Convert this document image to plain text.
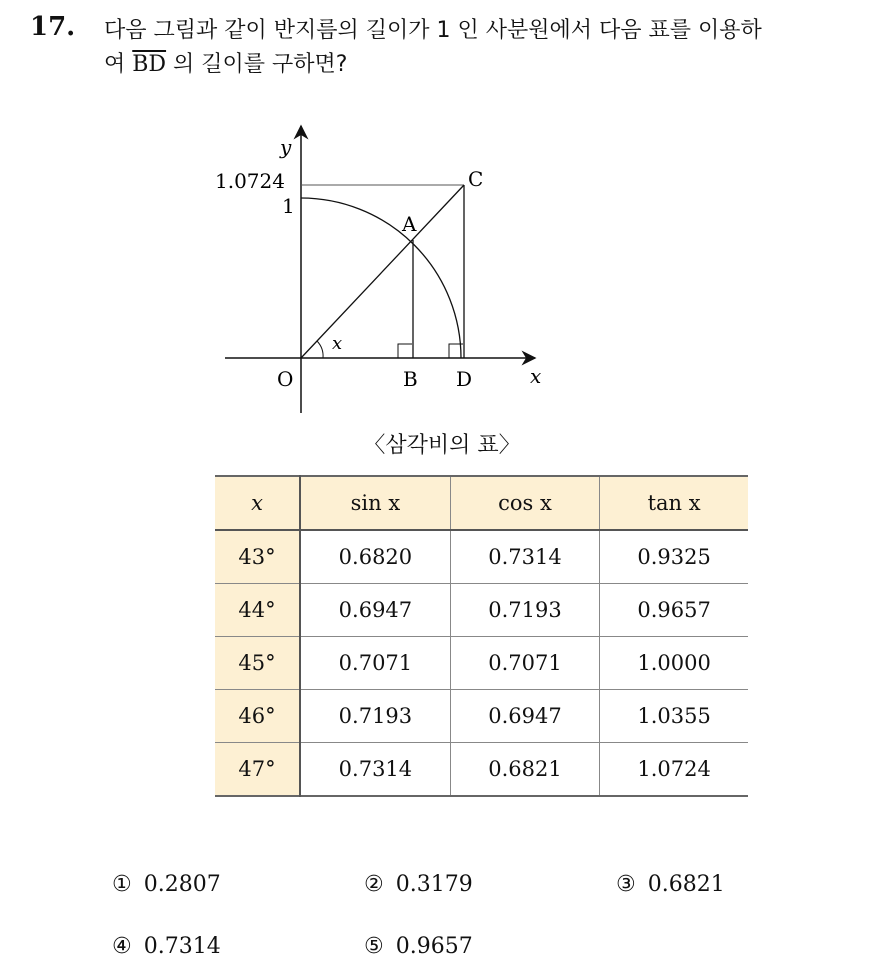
17. 다음 그림과 같이 반지름의 길이가 1 인 사분원에서 다음 표를 이용하
여 $\overline{BD}$ 의 길이를 구하면?
y
x
1.0724
1
C
A
O	B D
x
〈삼각비의 표〉
x	sin x	cos x	tan x
43°	0.6820	0.7314	0.9325
44°	0.6947	0.7193	0.9657
45°	0.7071	0.7071	1.0000
46°	0.7193	0.6947	1.0355
47°	0.7314	0.6821	1.0724
① 0.2807	② 0.3179	③ 0.6821
④ 0.7314	⑤ 0.9657
